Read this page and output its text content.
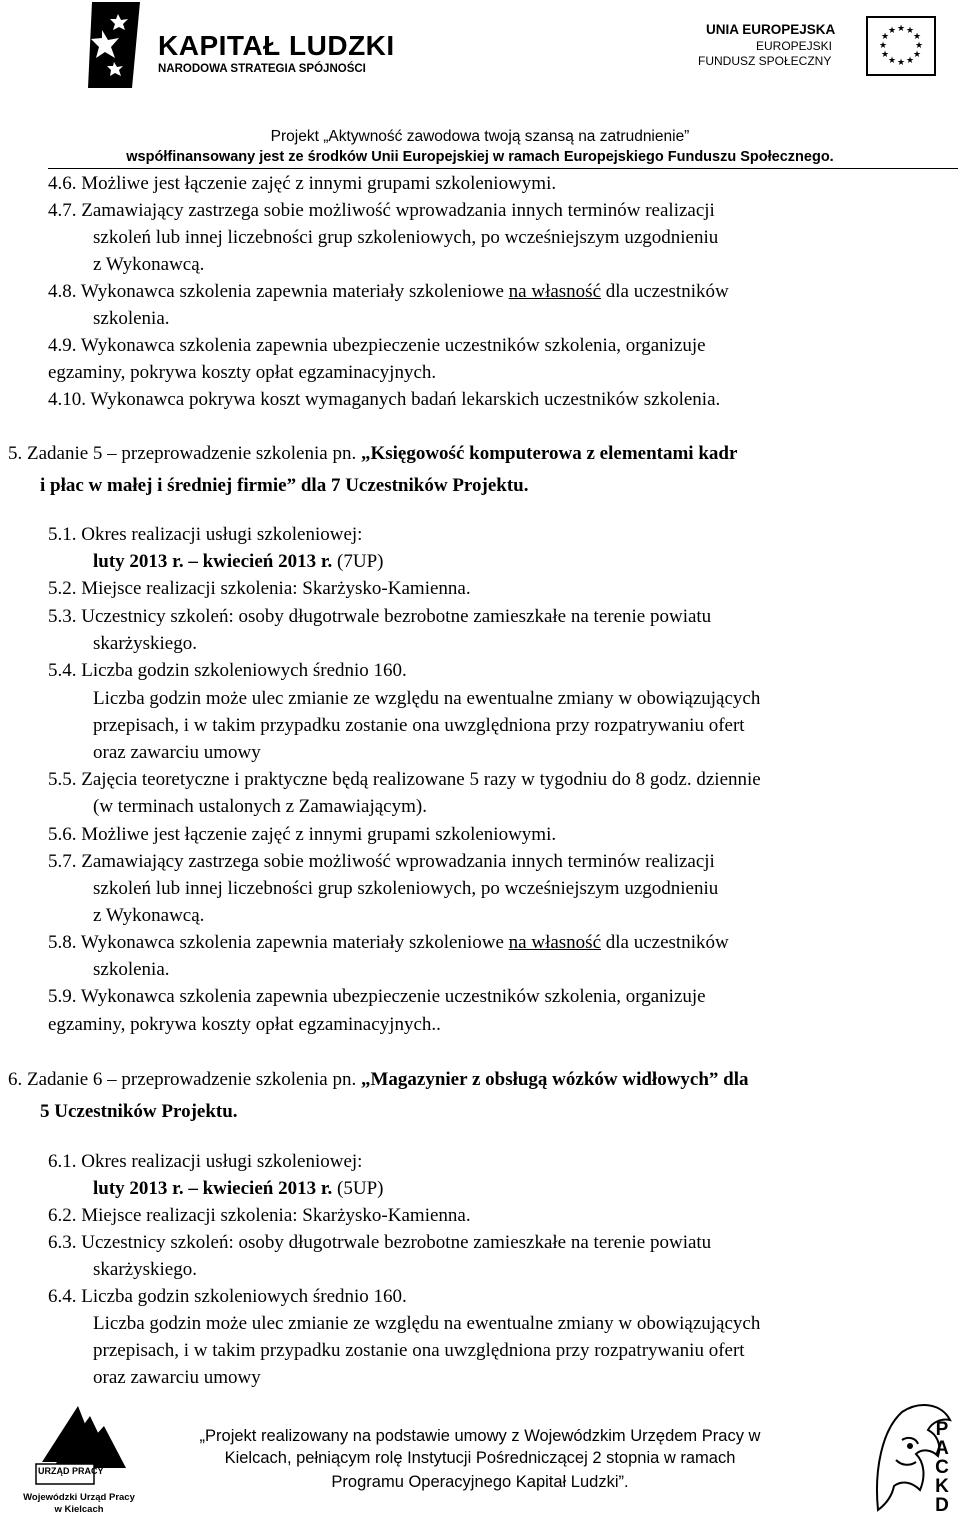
KAPITAŁ LUDZKI
NARODOWA STRATEGIA SPÓJNOŚCI
UNIA EUROPEJSKA
EUROPEJSKI
FUNDUSZ SPOŁECZNY
★ ★
★
★
★
★
★
★
★
★
★
★
Projekt „Aktywność zawodowa twoją szansą na zatrudnienie”
współfinansowany jest ze środków Unii Europejskiej w ramach Europejskiego Funduszu Społecznego.
4.6. Możliwe jest łączenie zajęć z innymi grupami szkoleniowymi.
4.7. Zamawiający zastrzega sobie możliwość wprowadzania innych terminów realizacji
szkoleń lub innej liczebności grup szkoleniowych, po wcześniejszym uzgodnieniu
z Wykonawcą.
4.8. Wykonawca szkolenia zapewnia materiały szkoleniowe na własność dla uczestników
szkolenia.
4.9. Wykonawca szkolenia zapewnia ubezpieczenie uczestników szkolenia, organizuje
egzaminy, pokrywa koszty opłat egzaminacyjnych.
4.10. Wykonawca pokrywa koszt wymaganych badań lekarskich uczestników szkolenia.
5. Zadanie 5 – przeprowadzenie szkolenia pn. „Księgowość komputerowa z elementami kadr
i płac w małej i średniej firmie” dla 7 Uczestników Projektu.
5.1. Okres realizacji usługi szkoleniowej:
luty 2013 r. – kwiecień 2013 r. (7UP)
5.2. Miejsce realizacji szkolenia: Skarżysko-Kamienna.
5.3. Uczestnicy szkoleń: osoby długotrwale bezrobotne zamieszkałe na terenie powiatu
skarżyskiego.
5.4. Liczba godzin szkoleniowych średnio 160.
Liczba godzin może ulec zmianie ze względu na ewentualne zmiany w obowiązujących
przepisach, i w takim przypadku zostanie ona uwzględniona przy rozpatrywaniu ofert
oraz zawarciu umowy
5.5. Zajęcia teoretyczne i praktyczne będą realizowane 5 razy w tygodniu do 8 godz. dziennie
(w terminach ustalonych z Zamawiającym).
5.6. Możliwe jest łączenie zajęć z innymi grupami szkoleniowymi.
5.7. Zamawiający zastrzega sobie możliwość wprowadzania innych terminów realizacji
szkoleń lub innej liczebności grup szkoleniowych, po wcześniejszym uzgodnieniu
z Wykonawcą.
5.8. Wykonawca szkolenia zapewnia materiały szkoleniowe na własność dla uczestników
szkolenia.
5.9. Wykonawca szkolenia zapewnia ubezpieczenie uczestników szkolenia, organizuje
egzaminy, pokrywa koszty opłat egzaminacyjnych..
6. Zadanie 6 – przeprowadzenie szkolenia pn. „Magazynier z obsługą wózków widłowych” dla
5 Uczestników Projektu.
6.1. Okres realizacji usługi szkoleniowej:
luty 2013 r. – kwiecień 2013 r. (5UP)
6.2. Miejsce realizacji szkolenia: Skarżysko-Kamienna.
6.3. Uczestnicy szkoleń: osoby długotrwale bezrobotne zamieszkałe na terenie powiatu
skarżyskiego.
6.4. Liczba godzin szkoleniowych średnio 160.
Liczba godzin może ulec zmianie ze względu na ewentualne zmiany w obowiązujących
przepisach, i w takim przypadku zostanie ona uwzględniona przy rozpatrywaniu ofert
oraz zawarciu umowy
URZĄD PRACY
Wojewódzki Urząd Pracy
w Kielcach
„Projekt realizowany na podstawie umowy z Wojewódzkim Urzędem Pracy w
Kielcach, pełniącym rolę Instytucji Pośredniczącej 2 stopnia w ramach
Programu Operacyjnego Kapitał Ludzki”.
PACKD
